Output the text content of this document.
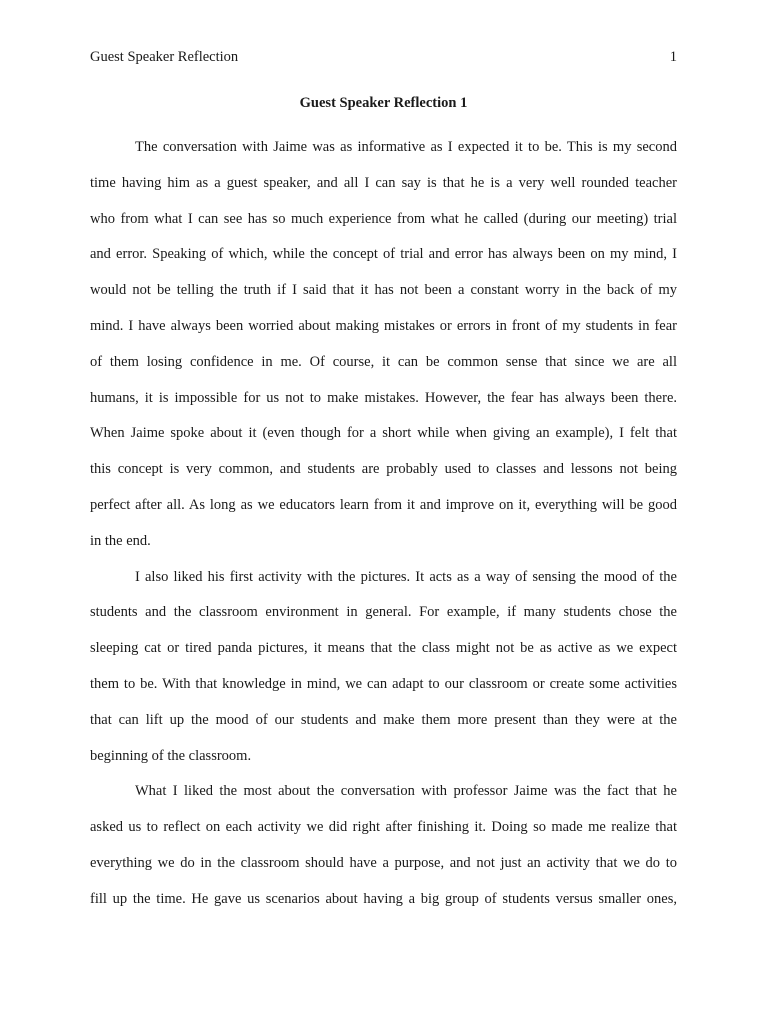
Guest Speaker Reflection	1
Guest Speaker Reflection 1
The conversation with Jaime was as informative as I expected it to be. This is my second
time having him as a guest speaker, and all I can say is that he is a very well rounded teacher
who from what I can see has so much experience from what he called (during our meeting) trial
and error. Speaking of which, while the concept of trial and error has always been on my mind, I
would not be telling the truth if I said that it has not been a constant worry in the back of my
mind. I have always been worried about making mistakes or errors in front of my students in fear
of them losing confidence in me. Of course, it can be common sense that since we are all
humans, it is impossible for us not to make mistakes. However, the fear has always been there.
When Jaime spoke about it (even though for a short while when giving an example), I felt that
this concept is very common, and students are probably used to classes and lessons not being
perfect after all. As long as we educators learn from it and improve on it, everything will be good
in the end.
I also liked his first activity with the pictures. It acts as a way of sensing the mood of the
students and the classroom environment in general. For example, if many students chose the
sleeping cat or tired panda pictures, it means that the class might not be as active as we expect
them to be. With that knowledge in mind, we can adapt to our classroom or create some activities
that can lift up the mood of our students and make them more present than they were at the
beginning of the classroom.
What I liked the most about the conversation with professor Jaime was the fact that he
asked us to reflect on each activity we did right after finishing it. Doing so made me realize that
everything we do in the classroom should have a purpose, and not just an activity that we do to
fill up the time. He gave us scenarios about having a big group of students versus smaller ones,
